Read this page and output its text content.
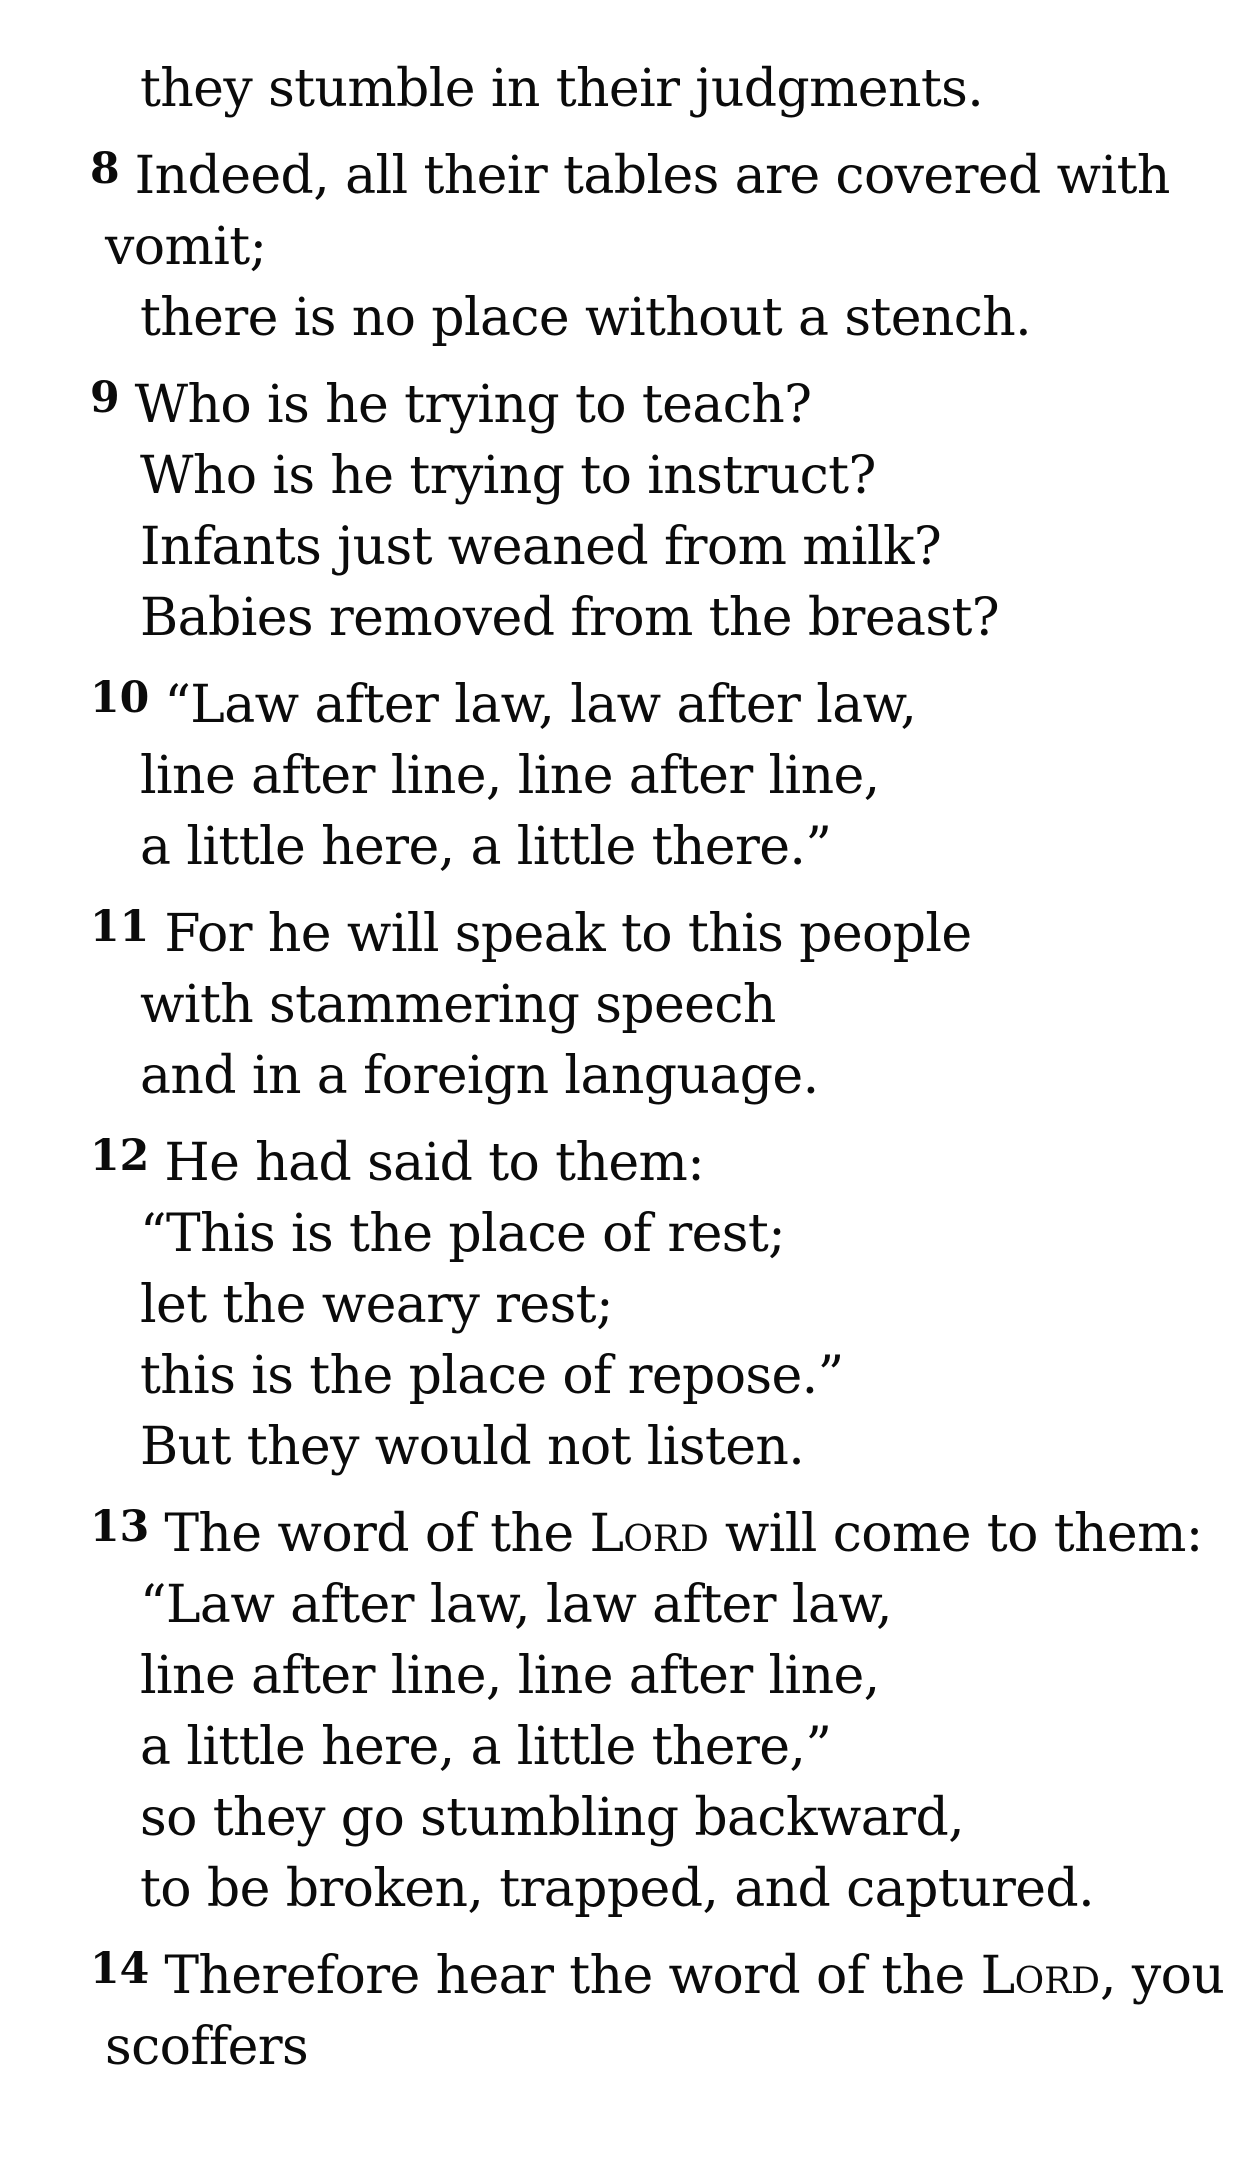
they stumble in their judgments.
8 Indeed, all their tables are covered with
vomit;
there is no place without a stench.
9 Who is he trying to teach?
Who is he trying to instruct?
Infants just weaned from milk?
Babies removed from the breast?
10 “Law after law, law after law,
line after line, line after line,
a little here, a little there.”
11 For he will speak to this people
with stammering speech
and in a foreign language.
12 He had said to them:
“This is the place of rest;
let the weary rest;
this is the place of repose.”
But they would not listen.
13 The word of the Lord will come to them:
“Law after law, law after law,
line after line, line after line,
a little here, a little there,”
so they go stumbling backward,
to be broken, trapped, and captured.
14 Therefore hear the word of the Lord, you
scoffers
